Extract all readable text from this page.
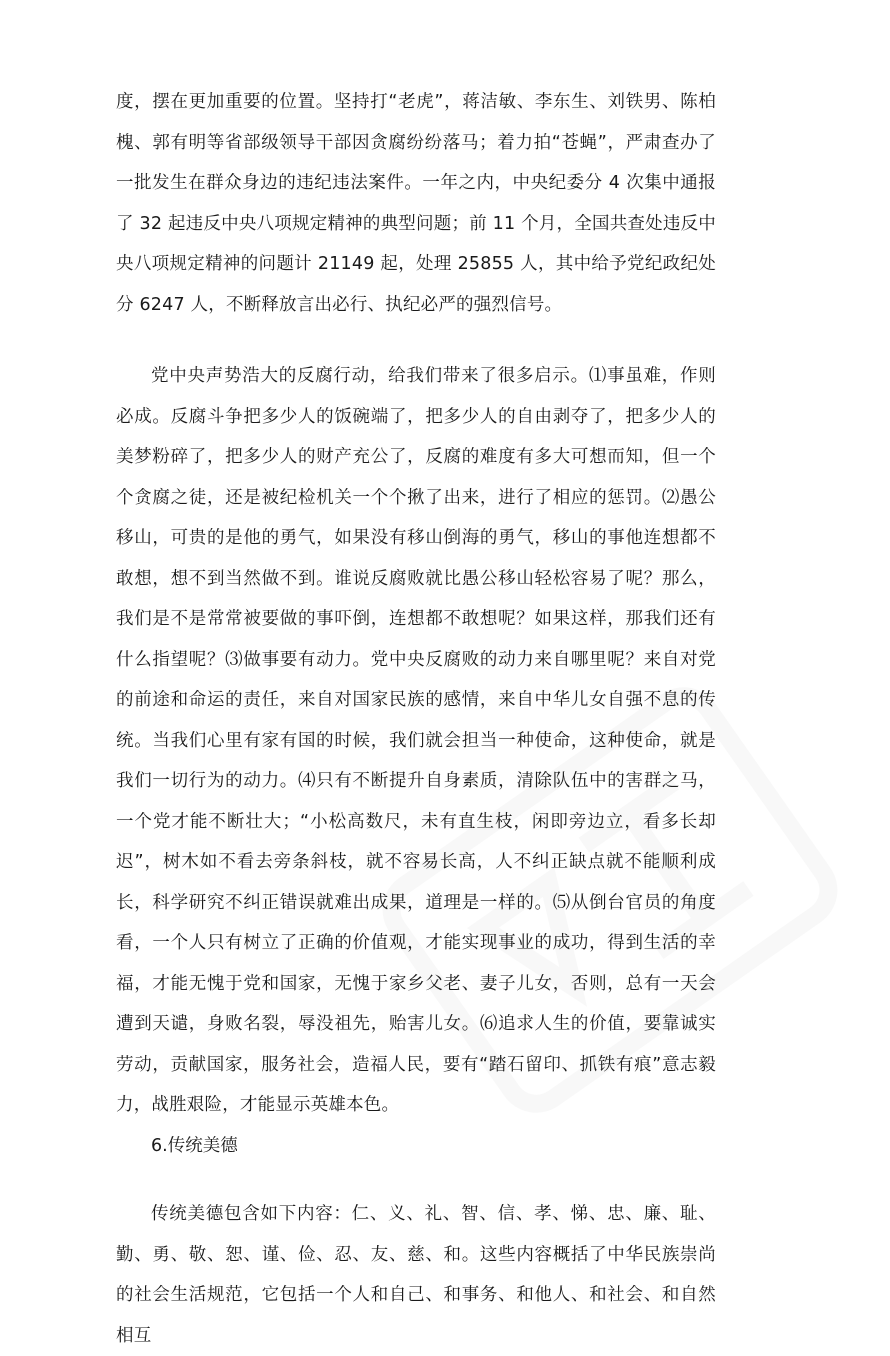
度，摆在更加重要的位置。坚持打“老虎”，蒋洁敏、李东生、刘铁男、陈柏槐、郭有明等省部级领导干部因贪腐纷纷落马；着力拍“苍蝇”，严肃查办了一批发生在群众身边的违纪违法案件。一年之内，中央纪委分 4 次集中通报了 32 起违反中央八项规定精神的典型问题；前 11 个月，全国共查处违反中央八项规定精神的问题计 21149 起，处理 25855 人，其中给予党纪政纪处分 6247 人，不断释放言出必行、执纪必严的强烈信号。

党中央声势浩大的反腐行动，给我们带来了很多启示。⑴事虽难，作则必成。反腐斗争把多少人的饭碗端了，把多少人的自由剥夺了，把多少人的美梦粉碎了，把多少人的财产充公了，反腐的难度有多大可想而知，但一个个贪腐之徒，还是被纪检机关一个个揪了出来，进行了相应的惩罚。⑵愚公移山，可贵的是他的勇气，如果没有移山倒海的勇气，移山的事他连想都不敢想，想不到当然做不到。谁说反腐败就比愚公移山轻松容易了呢？那么，我们是不是常常被要做的事吓倒，连想都不敢想呢？如果这样，那我们还有什么指望呢？⑶做事要有动力。党中央反腐败的动力来自哪里呢？来自对党的前途和命运的责任，来自对国家民族的感情，来自中华儿女自强不息的传统。当我们心里有家有国的时候，我们就会担当一种使命，这种使命，就是我们一切行为的动力。⑷只有不断提升自身素质，清除队伍中的害群之马，一个党才能不断壮大；“小松高数尺，未有直生枝，闲即旁边立，看多长却迟”，树木如不看去旁条斜枝，就不容易长高，人不纠正缺点就不能顺利成长，科学研究不纠正错误就难出成果，道理是一样的。⑸从倒台官员的角度看，一个人只有树立了正确的价值观，才能实现事业的成功，得到生活的幸福，才能无愧于党和国家，无愧于家乡父老、妻子儿女，否则，总有一天会遭到天谴，身败名裂，辱没祖先，贻害儿女。⑹追求人生的价值，要靠诚实劳动，贡献国家，服务社会，造福人民，要有“踏石留印、抓铁有痕”意志毅力，战胜艰险，才能显示英雄本色。

6.传统美德

传统美德包含如下内容：仁、义、礼、智、信、孝、悌、忠、廉、耻、勤、勇、敬、恕、谨、俭、忍、友、慈、和。这些内容概括了中华民族崇尚的社会生活规范，它包括一个人和自己、和事务、和他人、和社会、和自然相互
